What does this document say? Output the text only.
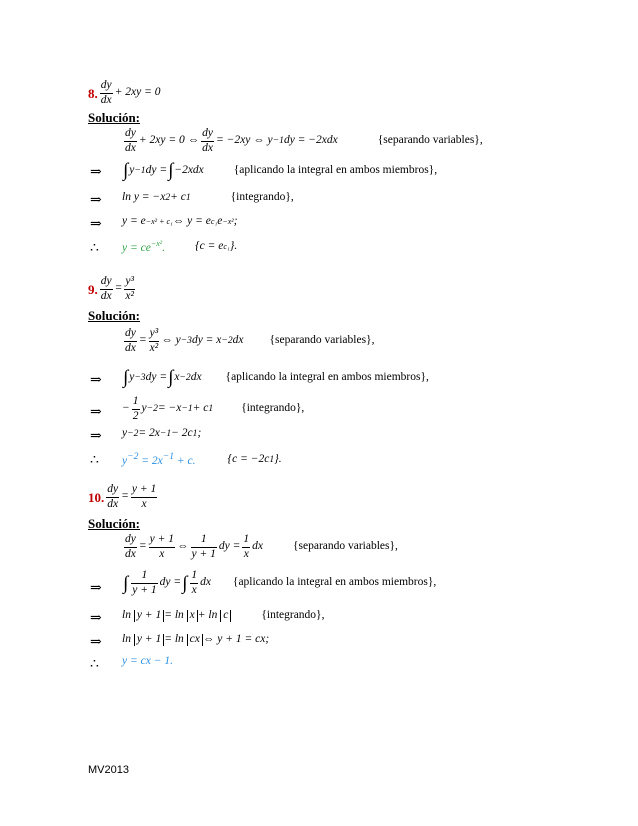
8. $\frac{dy}{dx} + 2xy = 0$
Solución:
$\frac{dy}{dx} + 2xy = 0$ ⇔ $\frac{dy}{dx} = -2xy$ ⇔ y −1 dy = −2xdx	{separando variables},
⇒ ∫ y −1 dy = ∫ −2xdx	{aplicando la integral en ambos miembros},
⇒ ln y = −x 2 + c 1	{integrando},
⇒ y = e −x² + c₁ ⇔ y = e c₁ e −x² ;
∴ $y = ce^{-x^2}$.	{c = e c₁ }.
9. $\frac{dy}{dx} = \frac{\text{y³}}{\text{x²}}$
Solución:
$\frac{dy}{dx} = \frac{\text{y³}}{\text{x²}}$ ⇔ y −3 dy = x −2 dx {separando variables},
⇒ ∫ y −3 dy = ∫ x −2 dx {aplicando la integral en ambos miembros},
⇒ − $\frac{1}{2}$ y −2 = −x −1 + c 1 {integrando},
⇒ y −2 = 2x −1 − 2c 1 ;
∴ $y^{-2} = 2x^{-1} + c$.	{c = −2c 1 }.
10. $\frac{dy}{dx} = \frac{y + 1}{x}$
Solución:
$\frac{dy}{dx} = \frac{y + 1}{x}$ ⇔ $\frac{1}{y + 1}$ dy = $\frac{1}{x}$ dx	{separando variables},
⇒ ∫ $\frac{1}{y + 1}$ dy = ∫ $\frac{1}{x}$ dx {aplicando la integral en ambos miembros},
⇒ ln
y + 1 = ln
x + ln
c	{integrando},
⇒ ln
y + 1 = ln
cx ⇔ y + 1 = cx;
∴ y = cx − 1.
MV2013
